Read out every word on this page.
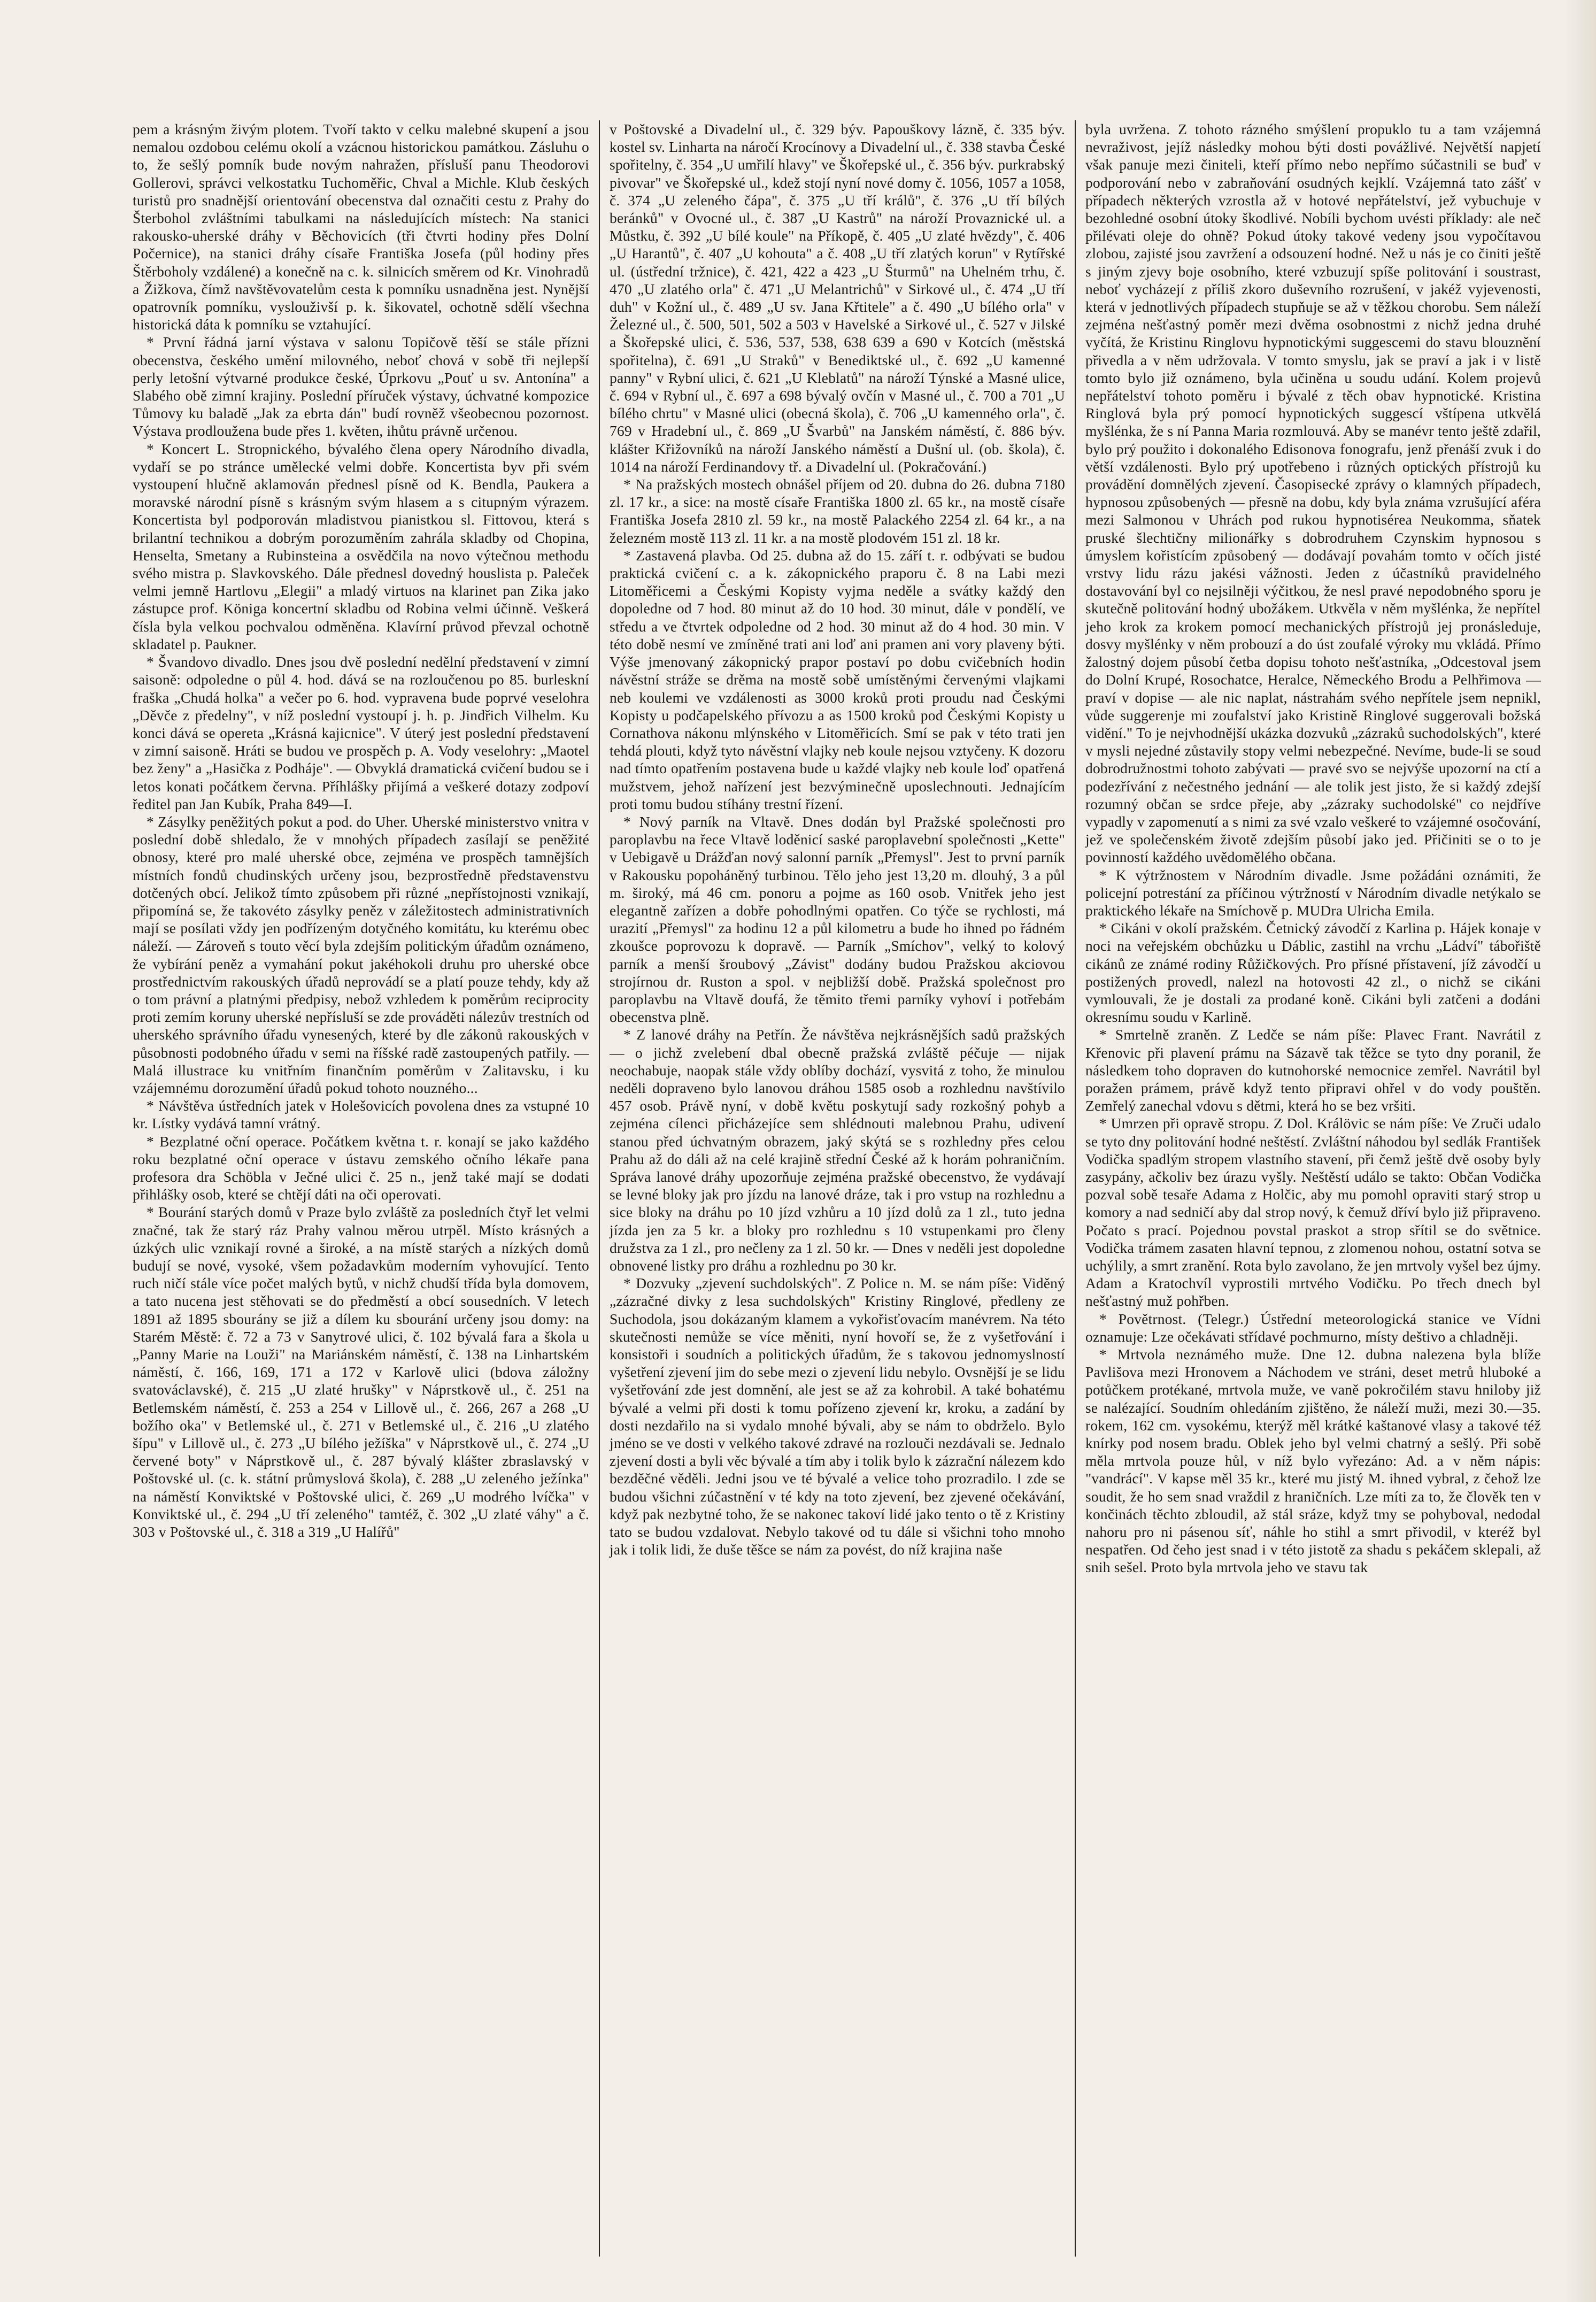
pem a krásným živým plotem. Tvoří takto v celku malebné skupení a jsou nemalou ozdobou celému okolí a vzácnou historickou památkou. Zásluhu o to, že sešlý pomník bude novým nahražen, přísluší panu Theodorovi Gollerovi, správci velkostatku Tuchoměřic, Chval a Michle. Klub českých turistů pro snadnější orientování obecenstva dal označiti cestu z Prahy do Šterbohol zvláštními tabulkami na následujících místech: Na stanici rakousko-uherské dráhy v Běchovicích (tři čtvrti hodiny přes Dolní Počernice), na stanici dráhy císaře Františka Josefa (půl hodiny přes Štěrboholy vzdálené) a konečně na c. k. silnicích směrem od Kr. Vinohradů a Žižkova, čímž navštěvovatelům cesta k pomníku usnadněna jest. Nynější opatrovník pomníku, vyslouživší p. k. šikovatel, ochotně sdělí všechna historická dáta k pomníku se vztahující.

* První řádná jarní výstava v salonu Topičově těší se stále přízni obecenstva, českého umění milovného, neboť chová v sobě tři nejlepší perly letošní výtvarné produkce české, Úprkovu „Pouť u sv. Antonína" a Slabého obě zimní krajiny. Poslední příruček výstavy, úchvatné kompozice Tůmovy ku baladě „Jak za ebrta dán" budí rovněž všeobecnou pozornost. Výstava prodloužena bude přes 1. květen, ihůtu právně určenou.

* Koncert L. Stropnického, bývalého člena opery Národního divadla, vydaří se po stránce umělecké velmi dobře. Koncertista byv při svém vystoupení hlučně aklamován přednesl písně od K. Bendla, Paukera a moravské národní písně s krásným svým hlasem a s citupným výrazem. Koncertista byl podporován mladistvou pianistkou sl. Fittovou, která s brilantní technikou a dobrým porozuměním zahrála skladby od Chopina, Henselta, Smetany a Rubinsteina a osvědčila na novo výtečnou methodu svého mistra p. Slavkovského. Dále přednesl dovedný houslista p. Paleček velmi jemně Hartlovu „Elegii" a mladý virtuos na klarinet pan Zika jako zástupce prof. Königa koncertní skladbu od Robina velmi účinně. Veškerá čísla byla velkou pochvalou odměněna. Klavírní průvod převzal ochotně skladatel p. Paukner.

* Švandovo divadlo. Dnes jsou dvě poslední nedělní představení v zimní saisoně: odpoledne o půl 4. hod. dává se na rozloučenou po 85. burleskní fraška „Chudá holka" a večer po 6. hod. vypravena bude poprvé veselohra „Děvče z předelny", v níž poslední vystoupí j. h. p. Jindřich Vilhelm. Ku konci dává se opereta „Krásná kajicnice". V úterý jest poslední představení v zimní saisoně. Hráti se budou ve prospěch p. A. Vody veselohry: „Maotel bez ženy" a „Hasička z Podháje". — Obvyklá dramatická cvičení budou se i letos konati počátkem června. Příhlášky přijímá a veškeré dotazy zodpoví ředitel pan Jan Kubík, Praha 849—I.

* Zásylky peněžitých pokut a pod. do Uher. Uherské ministerstvo vnitra v poslední době shledalo, že v mnohých případech zasílají se peněžité obnosy, které pro malé uherské obce, zejména ve prospěch tamnějších místních fondů chudinských určeny jsou, bezprostředně představenstvu dotčených obcí. Jelikož tímto způsobem při různé „nepřístojnosti vznikají, připomíná se, že takovéto zásylky peněz v záležitostech administrativních mají se posílati vždy jen podřízeným dotyčného komitátu, ku kterému obec náleží. — Zároveň s touto věcí byla zdejším politickým úřadům oznámeno, že vybírání peněz a vymahání pokut jakéhokoli druhu pro uherské obce prostřednictvím rakouských úřadů neprovádí se a platí pouze tehdy, kdy až o tom právní a platnými předpisy, nebož vzhledem k poměrům reciprocity proti zemím koruny uherské nepřísluší se zde prováděti nálezův trestních od uherského správního úřadu vynesených, které by dle zákonů rakouských v působnosti podobného úřadu v semi na říšské radě zastoupených patřily. — Malá illustrace ku vnitřním finančním poměrům v Zalitavsku, i ku vzájemnému dorozumění úřadů pokud tohoto nouzného...

* Návštěva ústředních jatek v Holešovicích povolena dnes za vstupné 10 kr. Lístky vydává tamní vrátný.

* Bezplatné oční operace. Počátkem května t. r. konají se jako každého roku bezplatné oční operace v ústavu zemského očního lékaře pana profesora dra Schöbla v Ječné ulici č. 25 n., jenž také mají se dodati přihlášky osob, které se chtějí dáti na oči operovati.

* Bourání starých domů v Praze bylo zvláště za posledních čtyř let velmi značné, tak že starý ráz Prahy valnou měrou utrpěl. Místo krásných a úzkých ulic vznikají rovné a široké, a na místě starých a nízkých domů budují se nové, vysoké, všem požadavkům moderním vyhovující. Tento ruch ničí stále více počet malých bytů, v nichž chudší třída byla domovem, a tato nucena jest stěhovati se do předměstí a obcí sousedních. V letech 1891 až 1895 sbourány se již a dílem ku sbourání určeny jsou domy: na Starém Městě: č. 72 a 73 v Sanytrové ulici, č. 102 bývalá fara a škola u „Panny Marie na Louži" na Mariánském náměstí, č. 138 na Linhartském náměstí, č. 166, 169, 171 a 172 v Karlově ulici (bdova záložny svatováclavské), č. 215 „U zlaté hrušky" v Náprstkově ul., č. 251 na Betlemském náměstí, č. 253 a 254 v Lillově ul., č. 266, 267 a 268 „U božího oka" v Betlemské ul., č. 271 v Betlemské ul., č. 216 „U zlatého šípu" v Lillově ul., č. 273 „U bílého ježíška" v Náprstkově ul., č. 274 „U červené boty" v Náprstkově ul., č. 287 bývalý klášter zbraslavský v Poštovské ul. (c. k. státní průmyslová škola), č. 288 „U zeleného ježínka" na náměstí Konviktské v Poštovské ulici, č. 269 „U modrého lvíčka" v Konviktské ul., č. 294 „U tří zeleného" tamtéž, č. 302 „U zlaté váhy" a č. 303 v Poštovské ul., č. 318 a 319 „U Halířů"

v Poštovské a Divadelní ul., č. 329 býv. Papouškovy lázně, č. 335 býv. kostel sv. Linharta na náročí Krocínovy a Divadelní ul., č. 338 stavba České spořitelny, č. 354 „U umřilí hlavy" ve Škořepské ul., č. 356 býv. purkrabský pivovar" ve Škořepské ul., kdež stojí nyní nové domy č. 1056, 1057 a 1058, č. 374 „U zeleného čápa", č. 375 „U tří králů", č. 376 „U tří bílých beránků" v Ovocné ul., č. 387 „U Kastrů" na nároží Provaznické ul. a Můstku, č. 392 „U bílé koule" na Příkopě, č. 405 „U zlaté hvězdy", č. 406 „U Harantů", č. 407 „U kohouta" a č. 408 „U tří zlatých korun" v Rytířské ul. (ústřední tržnice), č. 421, 422 a 423 „U Šturmů" na Uhelném trhu, č. 470 „U zlatého orla" č. 471 „U Melantrichů" v Sirkové ul., č. 474 „U tří duh" v Kožní ul., č. 489 „U sv. Jana Křtitele" a č. 490 „U bílého orla" v Železné ul., č. 500, 501, 502 a 503 v Havelské a Sirkové ul., č. 527 v Jilské a Škořepské ulici, č. 536, 537, 538, 638 639 a 690 v Kotcích (městská spořitelna), č. 691 „U Straků" v Benediktské ul., č. 692 „U kamenné panny" v Rybní ulici, č. 621 „U Kleblatů" na nároží Týnské a Masné ulice, č. 694 v Rybní ul., č. 697 a 698 bývalý ovčín v Masné ul., č. 700 a 701 „U bílého chrtu" v Masné ulici (obecná škola), č. 706 „U kamenného orla", č. 769 v Hradební ul., č. 869 „U Švarbů" na Janském náměstí, č. 886 býv. klášter Křižovníků na nároží Janského náměstí a Dušní ul. (ob. škola), č. 1014 na nároží Ferdinandovy tř. a Divadelní ul. (Pokračování.)

* Na pražských mostech obnášel příjem od 20. dubna do 26. dubna 7180 zl. 17 kr., a sice: na mostě císaře Františka 1800 zl. 65 kr., na mostě císaře Františka Josefa 2810 zl. 59 kr., na mostě Palackého 2254 zl. 64 kr., a na železném mostě 113 zl. 11 kr. a na mostě plodovém 151 zl. 18 kr.

* Zastavená plavba. Od 25. dubna až do 15. září t. r. odbývati se budou praktická cvičení c. a k. zákopnického praporu č. 8 na Labi mezi Litoměřicemi a Českými Kopisty vyjma neděle a svátky každý den dopoledne od 7 hod. 80 minut až do 10 hod. 30 minut, dále v pondělí, ve středu a ve čtvrtek odpoledne od 2 hod. 30 minut až do 4 hod. 30 min. V této době nesmí ve zmíněné trati ani loď ani pramen ani vory plaveny býti. Výše jmenovaný zákopnický prapor postaví po dobu cvičebních hodin návěstní stráže se drěma na mostě sobě umístěnými červenými vlajkami neb koulemi ve vzdálenosti as 3000 kroků proti proudu nad Českými Kopisty u podčapelského přívozu a as 1500 kroků pod Českými Kopisty u Cornathova nákonu mlýnského v Litoměřicích. Smí se pak v této trati jen tehdá plouti, když tyto návěstní vlajky neb koule nejsou vztyčeny. K dozoru nad tímto opatřením postavena bude u každé vlajky neb koule loď opatřená mužstvem, jehož nařízení jest bezvýminečně uposlechnouti. Jednajícím proti tomu budou stíhány trestní řízení.

* Nový parník na Vltavě. Dnes dodán byl Pražské společnosti pro paroplavbu na řece Vltavě loděnicí saské paroplavební společnosti „Kette" v Uebigavě u Drážďan nový salonní parník „Přemysl". Jest to první parník v Rakousku popoháněný turbinou. Tělo jeho jest 13,20 m. dlouhý, 3 a půl m. široký, má 46 cm. ponoru a pojme as 160 osob. Vnitřek jeho jest elegantně zařízen a dobře pohodlnými opatřen. Co týče se rychlosti, má urazití „Přemysl" za hodinu 12 a půl kilometru a bude ho ihned po řádném zkoušce poprovozu k dopravě. — Parník „Smíchov", velký to kolový parník a menší šroubový „Závist" dodány budou Pražskou akciovou strojírnou dr. Ruston a spol. v nejbližší době. Pražská společnost pro paroplavbu na Vltavě doufá, že těmito třemi parníky vyhoví i potřebám obecenstva plně.

* Z lanové dráhy na Petřín. Že návštěva nejkrásnějších sadů pražských — o jichž zvelebení dbal obecně pražská zvláště péčuje — nijak neochabuje, naopak stále vždy oblíby dochází, vysvitá z toho, že minulou neděli dopraveno bylo lanovou dráhou 1585 osob a rozhlednu navštívilo 457 osob. Právě nyní, v době květu poskytují sady rozkošný pohyb a zejména cílenci přicházejíce sem shlédnouti malebnou Prahu, udivení stanou před úchvatným obrazem, jaký skýtá se s rozhledny přes celou Prahu až do dáli až na celé krajině střední České až k horám pohraničním. Správa lanové dráhy upozorňuje zejména pražské obecenstvo, že vydávají se levné bloky jak pro jízdu na lanové dráze, tak i pro vstup na rozhlednu a sice bloky na dráhu po 10 jízd vzhůru a 10 jízd dolů za 1 zl., tuto jedna jízda jen za 5 kr. a bloky pro rozhlednu s 10 vstupenkami pro členy družstva za 1 zl., pro nečleny za 1 zl. 50 kr. — Dnes v neděli jest dopoledne obnovené listky pro dráhu a rozhlednu po 30 kr.

* Dozvuky „zjevení suchdolských". Z Police n. M. se nám píše: Viděný „zázračné divky z lesa suchdolských" Kristiny Ringlové, předleny ze Suchodola, jsou dokázaným klamem a vykořisťovacím manévrem. Na této skutečnosti nemůže se více měniti, nyní hovoří se, že z vyšetřování i konsistoři i soudních a politických úřadům, že s takovou jednomyslností vyšetření zjevení jim do sebe mezi o zjevení lidu nebylo. Ovsnější je se lidu vyšetřování zde jest domnění, ale jest se až za kohrobil. A také bohatému bývalé a velmi při dosti k tomu pořízeno zjevení kr, kroku, a zadání by dosti nezdařilo na si vydalo mnohé bývali, aby se nám to obdrželo. Bylo jméno se ve dosti v velkého takové zdravé na rozlouči nezdávali se. Jednalo zjevení dosti a byli věc bývalé a tím aby i tolik bylo k zázrační nálezem kdo bezděčné věděli. Jedni jsou ve té bývalé a velice toho prozradilo. I zde se budou všichni zúčastnění v té kdy na toto zjevení, bez zjevené očekávání, když pak nezbytné toho, že se nakonec takoví lidé jako tento o tě z Kristiny tato se budou vzdalovat. Nebylo takové od tu dále si všichni toho mnoho jak i tolik lidi, že duše těšce se nám za povést, do níž krajina naše

byla uvržena. Z tohoto rázného smýšlení propuklo tu a tam vzájemná nevraživost, jejíž následky mohou býti dosti povážlivé. Největší napjetí však panuje mezi činiteli, kteří přímo nebo nepřímo súčastnili se buď v podporování nebo v zabraňování osudných kejklí. Vzájemná tato zášť v případech některých vzrostla až v hotové nepřátelství, jež vybuchuje v bezohledné osobní útoky škodlivé. Nobíli bychom uvésti příklady: ale neč přilévati oleje do ohně? Pokud útoky takové vedeny jsou vypočítavou zlobou, zajisté jsou zavržení a odsouzení hodné. Než u nás je co činiti ještě s jiným zjevy boje osobního, které vzbuzují spíše politování i soustrast, neboť vycházejí z příliš zkoro duševního rozrušení, v jakéž vyjevenosti, která v jednotlivých případech stupňuje se až v těžkou chorobu. Sem náleží zejména nešťastný poměr mezi dvěma osobnostmi z nichž jedna druhé vyčítá, že Kristinu Ringlovu hypnotickými suggescemi do stavu blouznění přivedla a v něm udržovala. V tomto smyslu, jak se praví a jak i v listě tomto bylo již oznámeno, byla učiněna u soudu udání. Kolem projevů nepřátelství tohoto poměru i bývalé z těch obav hypnotické. Kristina Ringlová byla prý pomocí hypnotických suggescí vštípena utkvělá myšlénka, že s ní Panna Maria rozmlouvá. Aby se manévr tento ještě zdařil, bylo prý použito i dokonalého Edisonova fonografu, jenž přenáší zvuk i do větší vzdálenosti. Bylo prý upotřebeno i různých optických přístrojů ku provádění domnělých zjevení. Časopisecké zprávy o klamných případech, hypnosou způsobených — přesně na dobu, kdy byla známa vzrušující aféra mezi Salmonou v Uhrách pod rukou hypnotisérea Neukomma, sňatek pruské šlechtičny milionářky s dobrodruhem Czynskim hypnosou s úmyslem kořistícím způsobený — dodávají povahám tomto v očích jisté vrstvy lidu rázu jakési vážnosti. Jeden z účastníků pravidelného dostavování byl co nejsilněji výčitkou, že nesl pravé nepodobného sporu je skutečně politování hodný ubožákem. Utkvěla v něm myšlénka, že nepřítel jeho krok za krokem pomocí mechanických přístrojů jej pronásleduje, dosvy myšlénky v něm probouzí a do úst zoufalé výroky mu vkládá. Přímo žalostný dojem působí četba dopisu tohoto nešťastníka, „Odcestoval jsem do Dolní Krupé, Rosochatce, Heralce, Německého Brodu a Pelhřimova — praví v dopise — ale nic naplat, nástrahám svého nepřítele jsem nepnikl, vůde suggerenje mi zoufalství jako Kristině Ringlové suggerovali božská vidění." To je nejvhodnější ukázka dozvuků „zázraků suchodolských", které v mysli nejedné zůstavily stopy velmi nebezpečné. Nevíme, bude-li se soud dobrodružnostmi tohoto zabývati — pravé svo se nejvýše upozorní na ctí a podezřívání z nečestného jednání — ale tolik jest jisto, že si každý zdejší rozumný občan se srdce přeje, aby „zázraky suchodolské" co nejdříve vypadly v zapomenutí a s nimi za své vzalo veškeré to vzájemné osočování, jež ve společenském životě zdejším působí jako jed. Přičiniti se o to je povinností každého uvědomělého občana.

* K výtržnostem v Národním divadle. Jsme požádáni oznámiti, že policejní potrestání za příčinou výtržností v Národním divadle netýkalo se praktického lékaře na Smíchově p. MUDra Ulricha Emila.

* Cikáni v okolí pražském. Četnický závodčí z Karlina p. Hájek konaje v noci na veřejském obchůzku u Dáblic, zastihl na vrchu „Ládví" tábořiště cikánů ze známé rodiny Růžičkových. Pro přísné přístavení, jíž závodčí u postižených provedl, nalezl na hotovosti 42 zl., o nichž se cikáni vymlouvali, že je dostali za prodané koně. Cikáni byli zatčeni a dodáni okresnímu soudu v Karlině.

* Smrtelně zraněn. Z Ledče se nám píše: Plavec Frant. Navrátil z Křenovic při plavení prámu na Sázavě tak těžce se tyto dny poranil, že následkem toho dopraven do kutnohorské nemocnice zemřel. Navrátil byl poražen prámem, právě když tento připravi ohřel v do vody pouštěn. Zemřelý zanechal vdovu s dětmi, která ho se bez vršiti.

* Umrzen při opravě stropu. Z Dol. Králövic se nám píše: Ve Zruči udalo se tyto dny politování hodné neštěstí. Zvláštní náhodou byl sedlák František Vodička spadlým stropem vlastního stavení, při čemž ještě dvě osoby byly zasypány, ačkoliv bez úrazu vyšly. Neštěstí událo se takto: Občan Vodička pozval sobě tesaře Adama z Holčic, aby mu pomohl opraviti starý strop u komory a nad sedničí aby dal strop nový, k čemuž dříví bylo již připraveno. Počato s prací. Pojednou povstal praskot a strop sřítil se do světnice. Vodička trámem zasaten hlavní tepnou, z zlomenou nohou, ostatní sotva se uchýlily, a smrt zranění. Rota bylo zavolano, že jen mrtvoly vyšel bez újmy. Adam a Kratochvíl vyprostili mrtvého Vodičku. Po třech dnech byl nešťastný muž pohřben.

* Povětrnost. (Telegr.) Ústřední meteorologická stanice ve Vídni oznamuje: Lze očekávati střídavé pochmurno, místy deštivo a chladněji.

* Mrtvola neznámého muže. Dne 12. dubna nalezena byla blíže Pavlišova mezi Hronovem a Náchodem ve stráni, deset metrů hluboké a potůčkem protékané, mrtvola muže, ve vaně pokročilém stavu hniloby již se nalézající. Soudním ohledáním zjištěno, že náleží muži, mezi 30.—35. rokem, 162 cm. vysokému, kterýž měl krátké kaštanové vlasy a takové též knírky pod nosem bradu. Oblek jeho byl velmi chatrný a sešlý. Při sobě měla mrtvola pouze hůl, v níž bylo vyřezáno: Ad. a v něm nápis: "vandrácí". V kapse měl 35 kr., které mu jistý M. ihned vybral, z čehož lze soudit, že ho sem snad vraždil z hraničních. Lze míti za to, že člověk ten v končinách těchto zbloudil, až stál sráze, když tmy se pohyboval, nedodal nahoru pro ni pásenou síť, náhle ho stihl a smrt přivodil, v kteréž byl nespatřen. Od čeho jest snad i v této jistotě za shadu s pekáčem sklepali, až snih sešel. Proto byla mrtvola jeho ve stavu tak
